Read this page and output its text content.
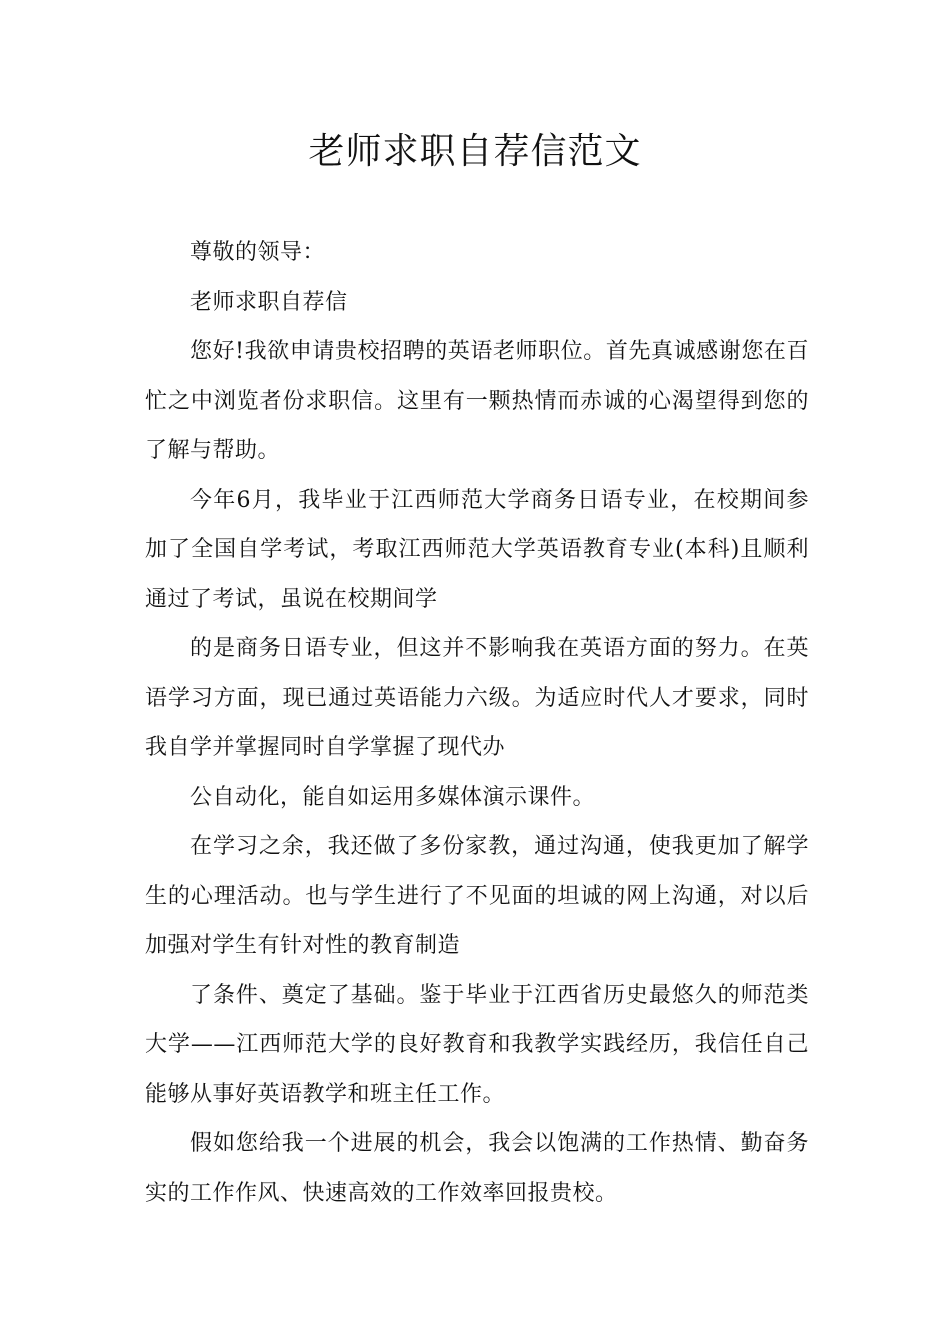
老师求职自荐信范文

尊敬的领导：

老师求职自荐信

您好!我欲申请贵校招聘的英语老师职位。首先真诚感谢您在百忙之中浏览者份求职信。这里有一颗热情而赤诚的心渴望得到您的了解与帮助。

今年6月，我毕业于江西师范大学商务日语专业，在校期间参加了全国自学考试，考取江西师范大学英语教育专业(本科)且顺利通过了考试，虽说在校期间学

的是商务日语专业，但这并不影响我在英语方面的努力。在英语学习方面，现已通过英语能力六级。为适应时代人才要求，同时我自学并掌握同时自学掌握了现代办

公自动化，能自如运用多媒体演示课件。

在学习之余，我还做了多份家教，通过沟通，使我更加了解学生的心理活动。也与学生进行了不见面的坦诚的网上沟通，对以后加强对学生有针对性的教育制造

了条件、奠定了基础。鉴于毕业于江西省历史最悠久的师范类大学——江西师范大学的良好教育和我教学实践经历，我信任自己能够从事好英语教学和班主任工作。

假如您给我一个进展的机会，我会以饱满的工作热情、勤奋务实的工作作风、快速高效的工作效率回报贵校。
